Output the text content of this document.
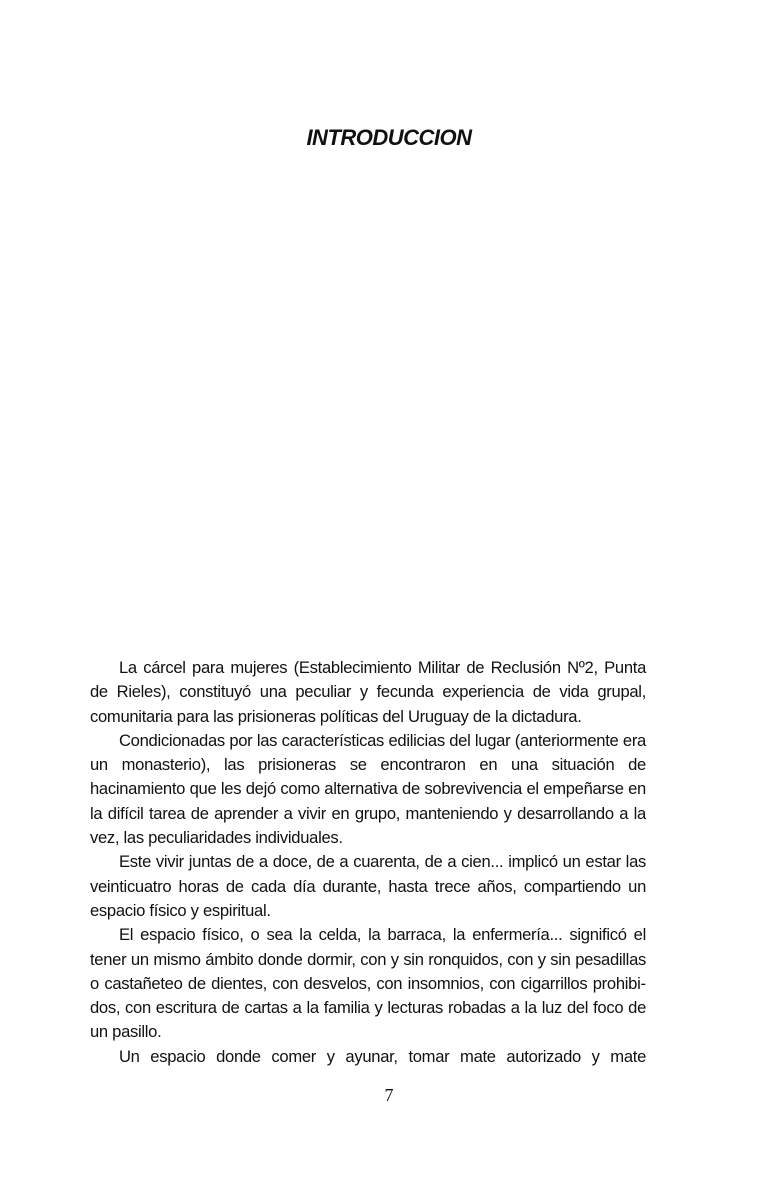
INTRODUCCION

La cárcel para mujeres (Establecimiento Militar de Reclusión Nº2, Punta de Rieles), constituyó una peculiar y fecunda experiencia de vida grupal, comunitaria para las prisioneras políticas del Uruguay de la dictadura.

Condicionadas por las características edilicias del lugar (anteriormente era un monasterio), las prisioneras se encontraron en una situación de hacinamiento que les dejó como alternativa de sobrevivencia el empeñarse en la difícil tarea de aprender a vivir en grupo, manteniendo y desarrollando a la vez, las peculiaridades individuales.

Este vivir juntas de a doce, de a cuarenta, de a cien... implicó un estar las veinticuatro horas de cada día durante, hasta trece años, compartiendo un espacio físico y espiritual.

El espacio físico, o sea la celda, la barraca, la enfermería... significó el tener un mismo ámbito donde dormir, con y sin ronquidos, con y sin pesadillas o castañeteo de dientes, con desvelos, con insomnios, con cigarrillos prohibidos, con escritura de cartas a la familia y lecturas robadas a la luz del foco de un pasillo.

Un espacio donde comer y ayunar, tomar mate autorizado y mate

7
